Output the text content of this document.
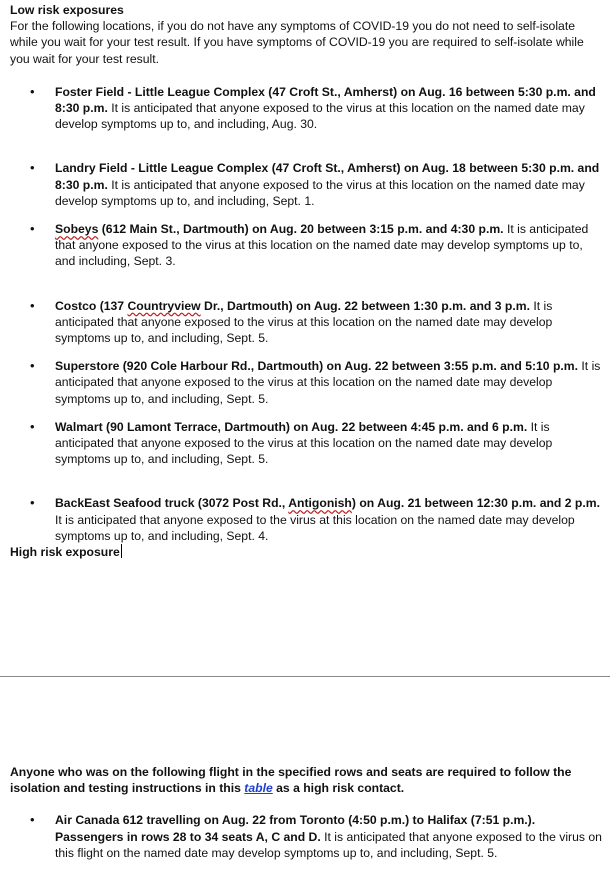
Low risk exposures

For the following locations, if you do not have any symptoms of COVID-19 you do not need to self-isolate while you wait for your test result. If you have symptoms of COVID-19 you are required to self-isolate while you wait for your test result.

• Foster Field - Little League Complex (47 Croft St., Amherst) on Aug. 16 between 5:30 p.m. and 8:30 p.m. It is anticipated that anyone exposed to the virus at this location on the named date may develop symptoms up to, and including, Aug. 30.
• Landry Field - Little League Complex (47 Croft St., Amherst) on Aug. 18 between 5:30 p.m. and 8:30 p.m. It is anticipated that anyone exposed to the virus at this location on the named date may develop symptoms up to, and including, Sept. 1.
• Sobeys (612 Main St., Dartmouth) on Aug. 20 between 3:15 p.m. and 4:30 p.m. It is anticipated that anyone exposed to the virus at this location on the named date may develop symptoms up to, and including, Sept. 3.
• Costco (137 Countryview Dr., Dartmouth) on Aug. 22 between 1:30 p.m. and 3 p.m. It is anticipated that anyone exposed to the virus at this location on the named date may develop symptoms up to, and including, Sept. 5.
• Superstore (920 Cole Harbour Rd., Dartmouth) on Aug. 22 between 3:55 p.m. and 5:10 p.m. It is anticipated that anyone exposed to the virus at this location on the named date may develop symptoms up to, and including, Sept. 5.
• Walmart (90 Lamont Terrace, Dartmouth) on Aug. 22 between 4:45 p.m. and 6 p.m. It is anticipated that anyone exposed to the virus at this location on the named date may develop symptoms up to, and including, Sept. 5.
• BackEast Seafood truck (3072 Post Rd., Antigonish) on Aug. 21 between 12:30 p.m. and 2 p.m. It is anticipated that anyone exposed to the virus at this location on the named date may develop symptoms up to, and including, Sept. 4.
High risk exposure

Anyone who was on the following flight in the specified rows and seats are required to follow the isolation and testing instructions in this table as a high risk contact.

• Air Canada 612 travelling on Aug. 22 from Toronto (4:50 p.m.) to Halifax (7:51 p.m.). Passengers in rows 28 to 34 seats A, C and D. It is anticipated that anyone exposed to the virus on this flight on the named date may develop symptoms up to, and including, Sept. 5.
